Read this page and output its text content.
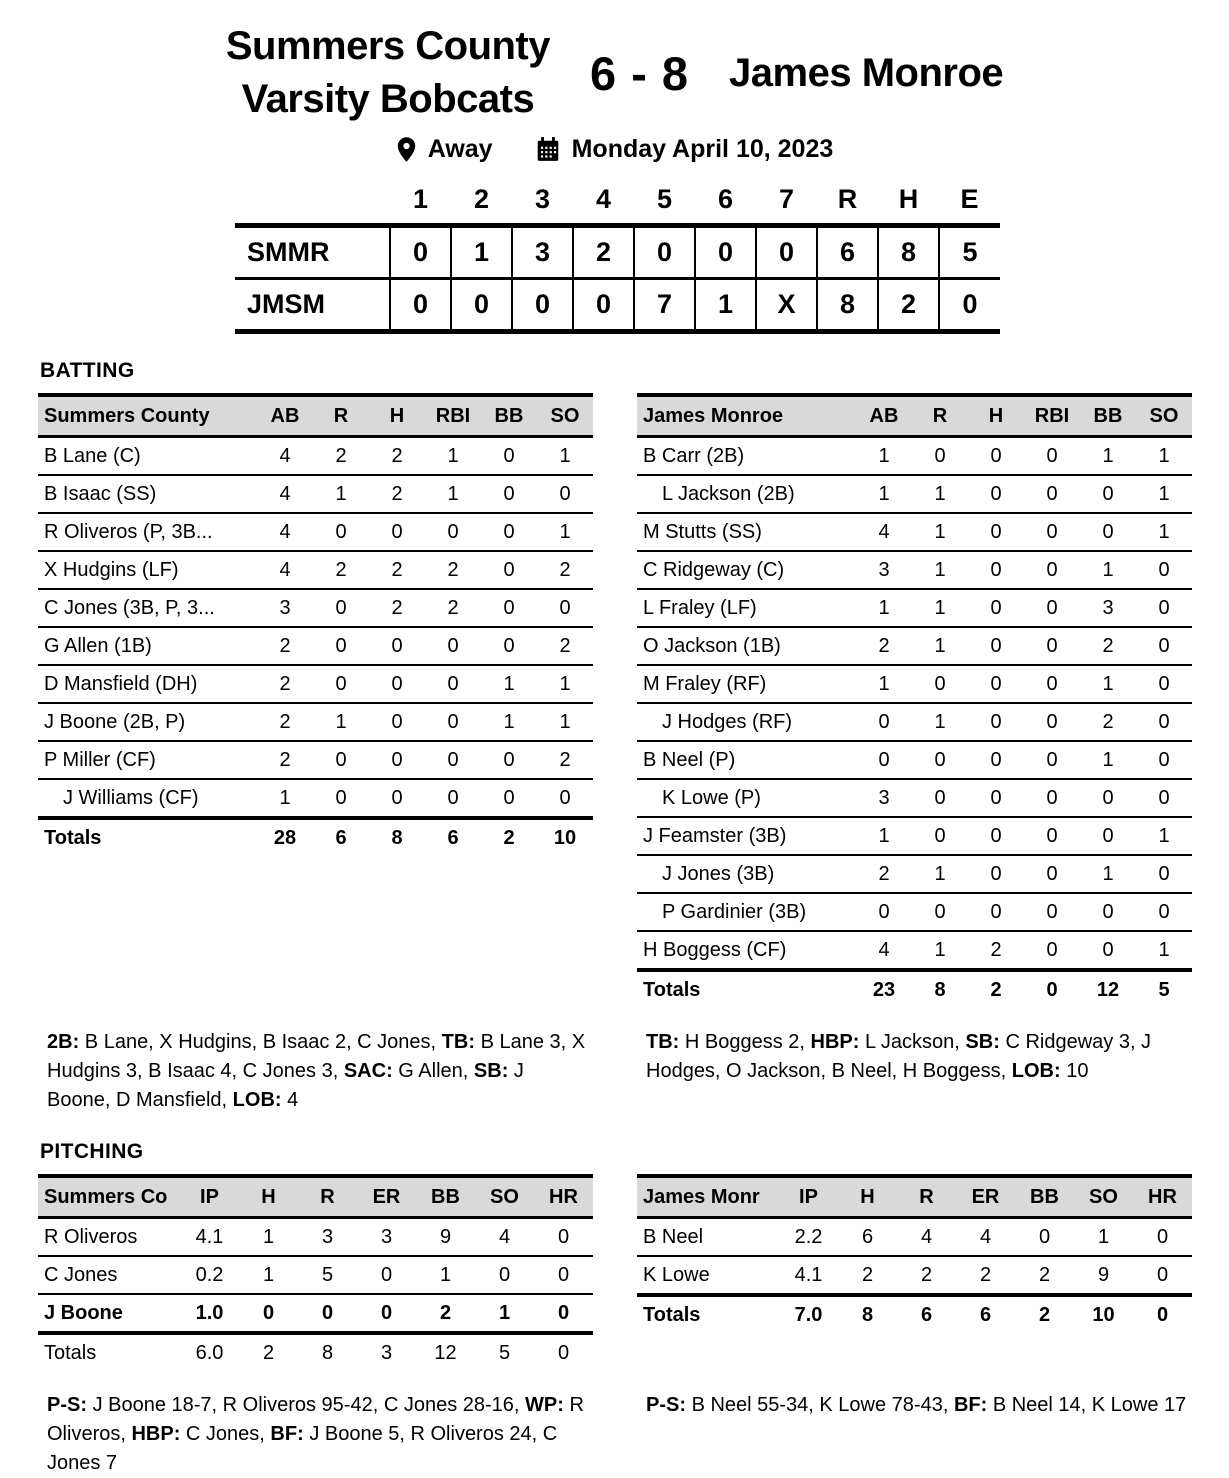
Summers County
Varsity Bobcats	6 - 8 James Monroe
Away	Monday April 10, 2023
	1	2	3	4	5	6	7	R	H	E
SMMR	0	1	3	2	0	0	0	6	8	5
JMSM	0	0	0	0	7	1	X	8	2	0
BATTING
Summers County	AB	R	H	RBI	BB	SO
B Lane (C)	4	2	2	1	0	1
B Isaac (SS)	4	1	2	1	0	0
R Oliveros (P, 3B...	4	0	0	0	0	1
X Hudgins (LF)	4	2	2	2	0	2
C Jones (3B, P, 3...	3	0	2	2	0	0
G Allen (1B)	2	0	0	0	0	2
D Mansfield (DH)	2	0	0	0	1	1
J Boone (2B, P)	2	1	0	0	1	1
P Miller (CF)	2	0	0	0	0	2
J Williams (CF)	1	0	0	0	0	0
Totals	28	6	8	6	2	10
James Monroe	AB	R	H	RBI	BB	SO
B Carr (2B)	1	0	0	0	1	1
L Jackson (2B)	1	1	0	0	0	1
M Stutts (SS)	4	1	0	0	0	1
C Ridgeway (C)	3	1	0	0	1	0
L Fraley (LF)	1	1	0	0	3	0
O Jackson (1B)	2	1	0	0	2	0
M Fraley (RF)	1	0	0	0	1	0
J Hodges (RF)	0	1	0	0	2	0
B Neel (P)	0	0	0	0	1	0
K Lowe (P)	3	0	0	0	0	0
J Feamster (3B)	1	0	0	0	0	1
J Jones (3B)	2	1	0	0	1	0
P Gardinier (3B)	0	0	0	0	0	0
H Boggess (CF)	4	1	2	0	0	1
Totals	23	8	2	0	12	5

2B: B Lane, X Hudgins, B Isaac 2, C Jones, TB: B Lane 3, X Hudgins 3, B Isaac 4, C Jones 3, SAC: G Allen, SB: J Boone, D Mansfield, LOB: 4

TB: H Boggess 2, HBP: L Jackson, SB: C Ridgeway 3, J Hodges, O Jackson, B Neel, H Boggess, LOB: 10

PITCHING
Summers Co	IP	H	R	ER	BB	SO	HR
R Oliveros	4.1	1	3	3	9	4	0
C Jones	0.2	1	5	0	1	0	0
J Boone	1.0	0	0	0	2	1	0
Totals	6.0	2	8	3	12	5	0
James Monr	IP	H	R	ER	BB	SO	HR
B Neel	2.2	6	4	4	0	1	0
K Lowe	4.1	2	2	2	2	9	0
Totals	7.0	8	6	6	2	10	0

P-S: J Boone 18-7, R Oliveros 95-42, C Jones 28-16, WP: R Oliveros, HBP: C Jones, BF: J Boone 5, R Oliveros 24, C Jones 7

P-S: B Neel 55-34, K Lowe 78-43, BF: B Neel 14, K Lowe 17
